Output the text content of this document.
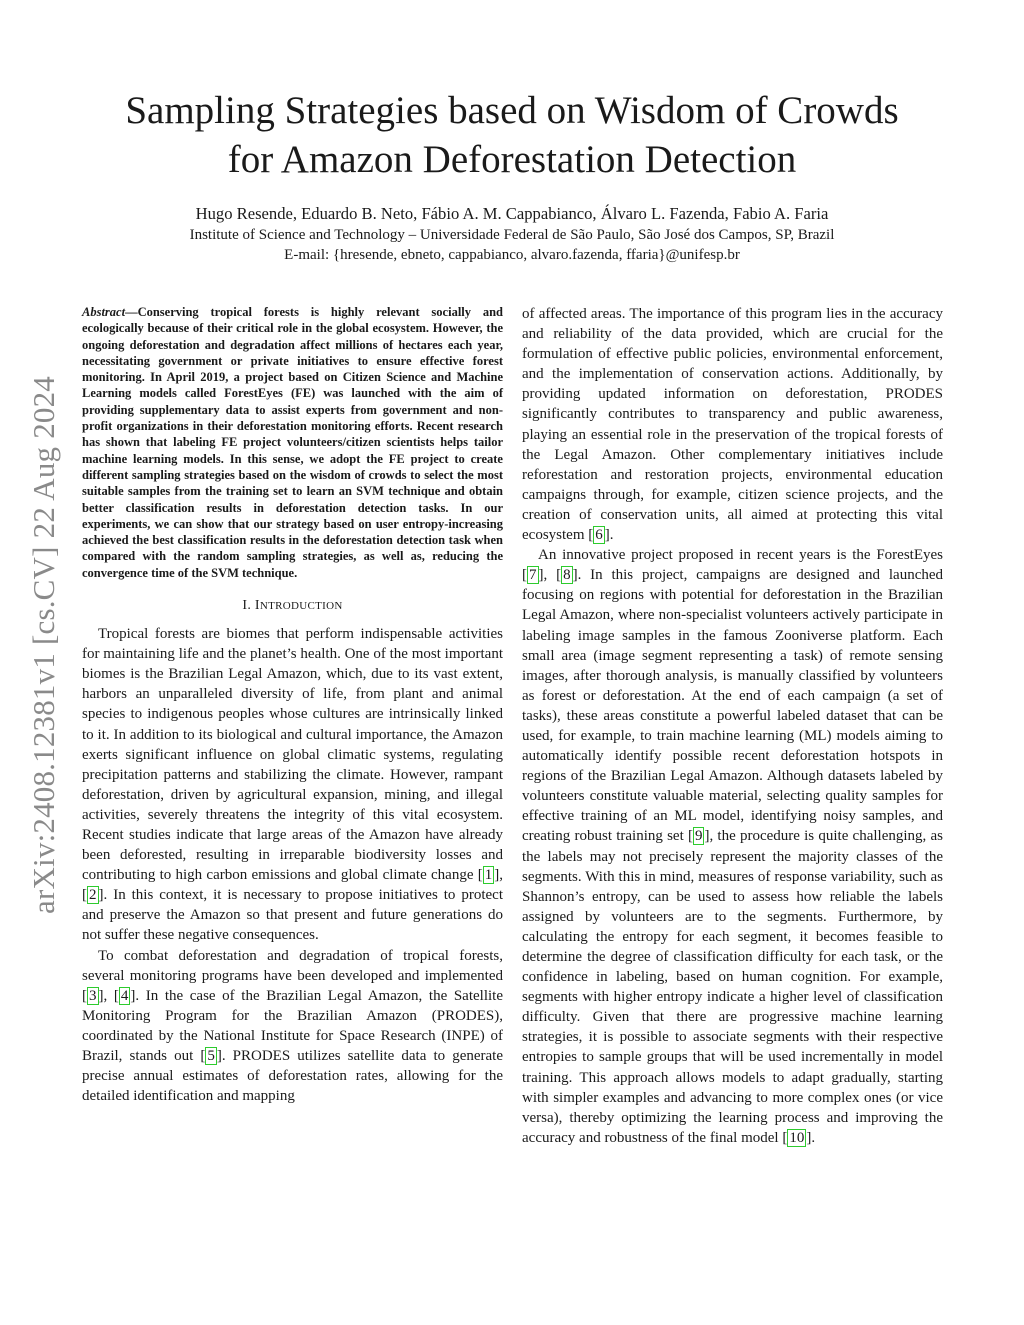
arXiv:2408.12381v1 [cs.CV] 22 Aug 2024
Sampling Strategies based on Wisdom of Crowds
for Amazon Deforestation Detection
Hugo Resende, Eduardo B. Neto, Fábio A. M. Cappabianco, Álvaro L. Fazenda, Fabio A. Faria
Institute of Science and Technology – Universidade Federal de São Paulo, São José dos Campos, SP, Brazil
E-mail: {hresende, ebneto, cappabianco, alvaro.fazenda, ffaria}@unifesp.br

Abstract—Conserving tropical forests is highly relevant socially and ecologically because of their critical role in the global ecosystem. However, the ongoing deforestation and degradation affect millions of hectares each year, necessitating government or private initiatives to ensure effective forest monitoring. In April 2019, a project based on Citizen Science and Machine Learning models called ForestEyes (FE) was launched with the aim of providing supplementary data to assist experts from government and non-profit organizations in their deforestation monitoring efforts. Recent research has shown that labeling FE project volunteers/citizen scientists helps tailor machine learning models. In this sense, we adopt the FE project to create different sampling strategies based on the wisdom of crowds to select the most suitable samples from the training set to learn an SVM technique and obtain better classification results in deforestation detection tasks. In our experiments, we can show that our strategy based on user entropy-increasing achieved the best classification results in the deforestation detection task when compared with the random sampling strategies, as well as, reducing the convergence time of the SVM technique.

I. INTRODUCTION

Tropical forests are biomes that perform indispensable activities for maintaining life and the planet’s health. One of the most important biomes is the Brazilian Legal Amazon, which, due to its vast extent, harbors an unparalleled diversity of life, from plant and animal species to indigenous peoples whose cultures are intrinsically linked to it. In addition to its biological and cultural importance, the Amazon exerts significant influence on global climatic systems, regulating precipitation patterns and stabilizing the climate. However, rampant deforestation, driven by agricultural expansion, mining, and illegal activities, severely threatens the integrity of this vital ecosystem. Recent studies indicate that large areas of the Amazon have already been deforested, resulting in irreparable biodiversity losses and contributing to high carbon emissions and global climate change [ 1 ], [ 2 ]. In this context, it is necessary to propose initiatives to protect and preserve the Amazon so that present and future generations do not suffer these negative consequences.

To combat deforestation and degradation of tropical forests, several monitoring programs have been developed and implemented [ 3 ], [ 4 ]. In the case of the Brazilian Legal Amazon, the Satellite Monitoring Program for the Brazilian Amazon (PRODES), coordinated by the National Institute for Space Research (INPE) of Brazil, stands out [ 5 ]. PRODES utilizes satellite data to generate precise annual estimates of deforestation rates, allowing for the detailed identification and mapping

of affected areas. The importance of this program lies in the accuracy and reliability of the data provided, which are crucial for the formulation of effective public policies, environmental enforcement, and the implementation of conservation actions. Additionally, by providing updated information on deforestation, PRODES significantly contributes to transparency and public awareness, playing an essential role in the preservation of the tropical forests of the Legal Amazon. Other complementary initiatives include reforestation and restoration projects, environmental education campaigns through, for example, citizen science projects, and the creation of conservation units, all aimed at protecting this vital ecosystem [ 6 ].

An innovative project proposed in recent years is the ForestEyes [ 7 ], [ 8 ]. In this project, campaigns are designed and launched focusing on regions with potential for deforestation in the Brazilian Legal Amazon, where non-specialist volunteers actively participate in labeling image samples in the famous Zooniverse platform. Each small area (image segment representing a task) of remote sensing images, after thorough analysis, is manually classified by volunteers as forest or deforestation. At the end of each campaign (a set of tasks), these areas constitute a powerful labeled dataset that can be used, for example, to train machine learning (ML) models aiming to automatically identify possible recent deforestation hotspots in regions of the Brazilian Legal Amazon. Although datasets labeled by volunteers constitute valuable material, selecting quality samples for effective training of an ML model, identifying noisy samples, and creating robust training set [ 9 ], the procedure is quite challenging, as the labels may not precisely represent the majority classes of the segments. With this in mind, measures of response variability, such as Shannon’s entropy, can be used to assess how reliable the labels assigned by volunteers are to the segments. Furthermore, by calculating the entropy for each segment, it becomes feasible to determine the degree of classification difficulty for each task, or the confidence in labeling, based on human cognition. For example, segments with higher entropy indicate a higher level of classification difficulty. Given that there are progressive machine learning strategies, it is possible to associate segments with their respective entropies to sample groups that will be used incrementally in model training. This approach allows models to adapt gradually, starting with simpler examples and advancing to more complex ones (or vice versa), thereby optimizing the learning process and improving the accuracy and robustness of the final model [ 10 ].
